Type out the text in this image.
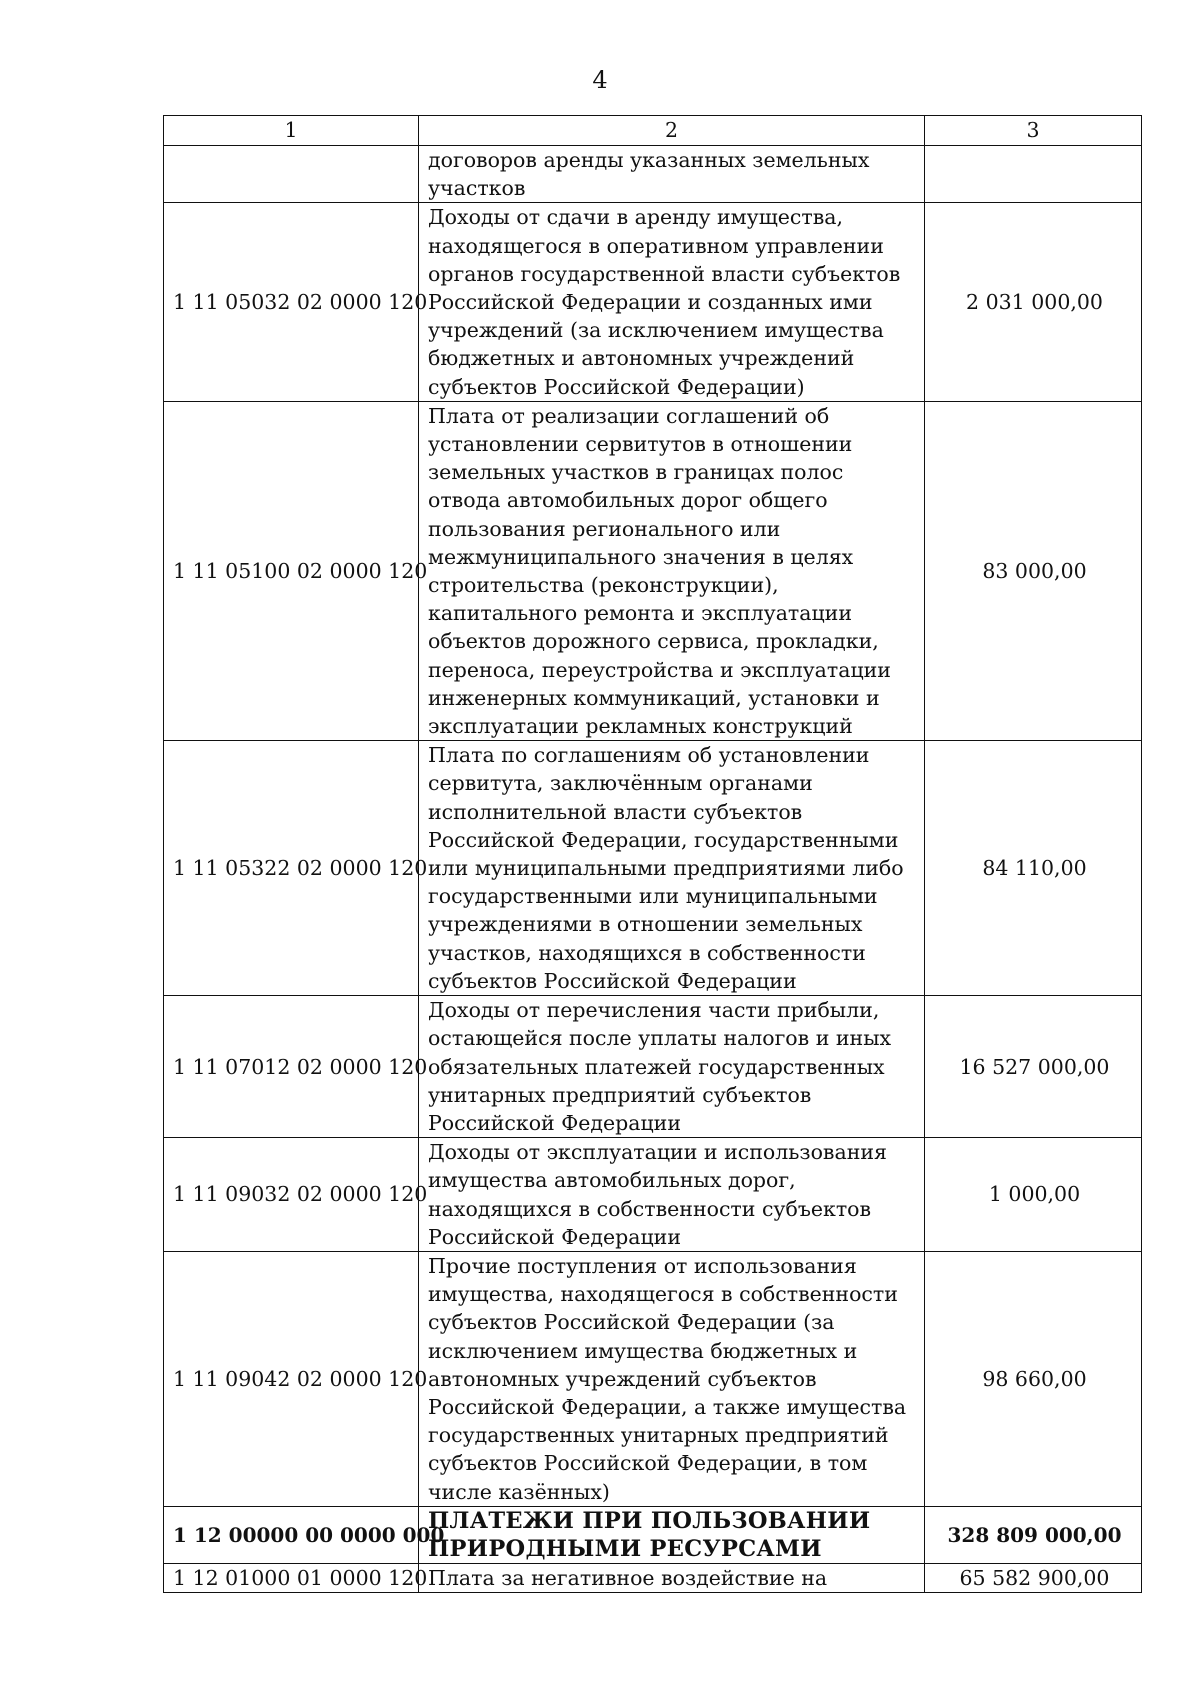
4
1	2	3
	договоров аренды указанных земельных участков	
1 11 05032 02 0000 120	Доходы от сдачи в аренду имущества, находящегося в оперативном управлении органов государственной власти субъектов Российской Федерации и созданных ими учреждений (за исключением имущества бюджетных и автономных учреждений субъектов Российской Федерации)	2 031 000,00
1 11 05100 02 0000 120	Плата от реализации соглашений об установлении сервитутов в отношении земельных участков в границах полос отвода автомобильных дорог общего пользования регионального или межмуниципального значения в целях строительства (реконструкции), капитального ремонта и эксплуатации объектов дорожного сервиса, прокладки, переноса, переустройства и эксплуатации инженерных коммуникаций, установки и эксплуатации рекламных конструкций	83 000,00
1 11 05322 02 0000 120	Плата по соглашениям об установлении сервитута, заключённым органами исполнительной власти субъектов Российской Федерации, государственными или муниципальными предприятиями либо государственными или муниципальными учреждениями в отношении земельных участков, находящихся в собственности субъектов Российской Федерации	84 110,00
1 11 07012 02 0000 120	Доходы от перечисления части прибыли, остающейся после уплаты налогов и иных обязательных платежей государственных унитарных предприятий субъектов Российской Федерации	16 527 000,00
1 11 09032 02 0000 120	Доходы от эксплуатации и использования имущества автомобильных дорог, находящихся в собственности субъектов Российской Федерации	1 000,00
1 11 09042 02 0000 120	Прочие поступления от использования имущества, находящегося в собственности субъектов Российской Федерации (за исключением имущества бюджетных и автономных учреждений субъектов Российской Федерации, а также имущества государственных унитарных предприятий субъектов Российской Федерации, в том числе казённых)	98 660,00
1 12 00000 00 0000 000	ПЛАТЕЖИ ПРИ ПОЛЬЗОВАНИИ ПРИРОДНЫМИ РЕСУРСАМИ	328 809 000,00
1 12 01000 01 0000 120	Плата за негативное воздействие на	65 582 900,00
